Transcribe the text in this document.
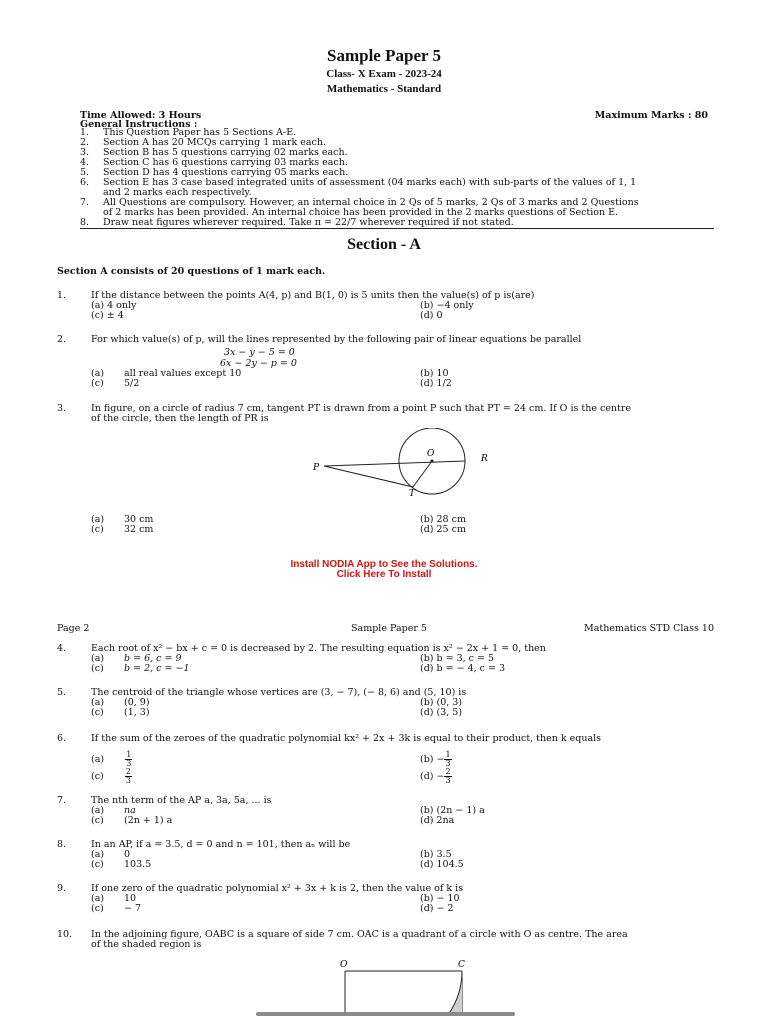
Sample Paper 5
Class- X Exam - 2023-24
Mathematics - Standard
Time Allowed: 3 Hours	Maximum Marks : 80
General Instructions :
1. This Question Paper has 5 Sections A-E.
2. Section A has 20 MCQs carrying 1 mark each.
3. Section B has 5 questions carrying 02 marks each.
4. Section C has 6 questions carrying 03 marks each.
5. Section D has 4 questions carrying 05 marks each.
6. Section E has 3 case based integrated units of assessment (04 marks each) with sub-parts of the values of 1, 1
and 2 marks each respectively.
7. All Questions are compulsory. However, an internal choice in 2 Qs of 5 marks, 2 Qs of 3 marks and 2 Questions
of 2 marks has been provided. An internal choice has been provided in the 2 marks questions of Section E.
8. Draw neat figures wherever required. Take π = 22/7 wherever required if not stated.
Section - A
Section A consists of 20 questions of 1 mark each.
1.	If the distance between the points A(4, p) and B(1, 0) is 5 units then the value(s) of p is(are)
(a) 4 only	(b) −4 only
(c) ± 4	(d) 0
2.	For which value(s) of p, will the lines represented by the following pair of linear equations be parallel
3x − y − 5 = 0
6x − 2y − p = 0
(a) all real values except 10	(b) 10
(c) 5/2	(d) 1/2
3.	In figure, on a circle of radius 7 cm, tangent PT is drawn from a point P such that PT = 24 cm. If O is the centre
of the circle, then the length of PR is
P
O	R
T
(a) 30 cm	(b) 28 cm
(c) 32 cm	(d) 25 cm
Install NODIA App to See the Solutions.
Click Here To Install
Page 2	Sample Paper 5	Mathematics STD Class 10
4.	Each root of x² − bx + c = 0 is decreased by 2. The resulting equation is x² − 2x + 1 = 0, then
(a) b = 6, c = 9	(b) b = 3, c = 5
(c) b = 2, c = −1	(d) b = − 4, c = 3
5.	The centroid of the triangle whose vertices are (3, − 7), (− 8, 6) and (5, 10) is
(a) (0, 9)	(b) (0, 3)
(c) (1, 3)	(d) (3, 5)
6.	If the sum of the zeroes of the quadratic polynomial kx² + 2x + 3k is equal to their product, then k equals
(a)	$\frac{1}{3}$	$(b) - \frac{1}{3}$
(c)	$\frac{2}{3}$	$(d) - \frac{2}{3}$
7.	The nth term of the AP a, 3a, 5a, ... is
(a) na	(b) (2n − 1) a
(c) (2n + 1) a	(d) 2na
8.	In an AP, if a = 3.5, d = 0 and n = 101, then aₙ will be
(a) 0	(b) 3.5
(c) 103.5	(d) 104.5
9.	If one zero of the quadratic polynomial x² + 3x + k is 2, then the value of k is
(a) 10	(b) − 10
(c) − 7	(d) − 2
10. In the adjoining figure, OABC is a square of side 7 cm. OAC is a quadrant of a circle with O as centre. The area
of the shaded region is
O	C
